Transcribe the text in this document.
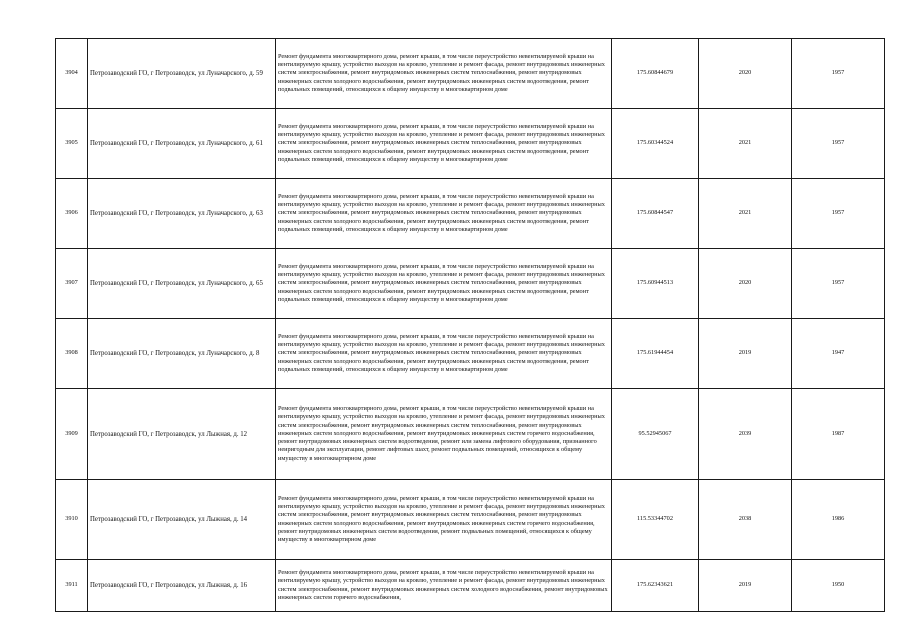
3904	Петрозаводский ГО, г Петрозаводск, ул Луначарского, д. 59	Ремонт фундамента многоквартирного дома, ремонт крыши, в том числе переустройство невентилируемой крыши на вентилируемую крышу, устройство выходов на кровлю, утепление и ремонт фасада, ремонт внутридомовых инженерных систем электроснабжения, ремонт внутридомовых инженерных систем теплоснабжения, ремонт внутридомовых инженерных систем холодного водоснабжения, ремонт внутридомовых инженерных систем водоотведения, ремонт подвальных помещений, относящихся к общему имуществу в многоквартирном доме	175.60844679	2020	1957
3905	Петрозаводский ГО, г Петрозаводск, ул Луначарского, д. 61	Ремонт фундамента многоквартирного дома, ремонт крыши, в том числе переустройство невентилируемой крыши на вентилируемую крышу, устройство выходов на кровлю, утепление и ремонт фасада, ремонт внутридомовых инженерных систем электроснабжения, ремонт внутридомовых инженерных систем теплоснабжения, ремонт внутридомовых инженерных систем холодного водоснабжения, ремонт внутридомовых инженерных систем водоотведения, ремонт подвальных помещений, относящихся к общему имуществу в многоквартирном доме	175.60344524	2021	1957
3906	Петрозаводский ГО, г Петрозаводск, ул Луначарского, д. 63	Ремонт фундамента многоквартирного дома, ремонт крыши, в том числе переустройство невентилируемой крыши на вентилируемую крышу, устройство выходов на кровлю, утепление и ремонт фасада, ремонт внутридомовых инженерных систем электроснабжения, ремонт внутридомовых инженерных систем теплоснабжения, ремонт внутридомовых инженерных систем холодного водоснабжения, ремонт внутридомовых инженерных систем водоотведения, ремонт подвальных помещений, относящихся к общему имуществу в многоквартирном доме	175.60844547	2021	1957
3907	Петрозаводский ГО, г Петрозаводск, ул Луначарского, д. 65	Ремонт фундамента многоквартирного дома, ремонт крыши, в том числе переустройство невентилируемой крыши на вентилируемую крышу, устройство выходов на кровлю, утепление и ремонт фасада, ремонт внутридомовых инженерных систем электроснабжения, ремонт внутридомовых инженерных систем теплоснабжения, ремонт внутридомовых инженерных систем холодного водоснабжения, ремонт внутридомовых инженерных систем водоотведения, ремонт подвальных помещений, относящихся к общему имуществу в многоквартирном доме	175.60944513	2020	1957
3908	Петрозаводский ГО, г Петрозаводск, ул Луначарского, д. 8	Ремонт фундамента многоквартирного дома, ремонт крыши, в том числе переустройство невентилируемой крыши на вентилируемую крышу, устройство выходов на кровлю, утепление и ремонт фасада, ремонт внутридомовых инженерных систем электроснабжения, ремонт внутридомовых инженерных систем теплоснабжения, ремонт внутридомовых инженерных систем холодного водоснабжения, ремонт внутридомовых инженерных систем водоотведения, ремонт подвальных помещений, относящихся к общему имуществу в многоквартирном доме	175.61944454	2019	1947
3909	Петрозаводский ГО, г Петрозаводск, ул Лыжная, д. 12	Ремонт фундамента многоквартирного дома, ремонт крыши, в том числе переустройство невентилируемой крыши на вентилируемую крышу, устройство выходов на кровлю, утепление и ремонт фасада, ремонт внутридомовых инженерных систем электроснабжения, ремонт внутридомовых инженерных систем теплоснабжения, ремонт внутридомовых инженерных систем холодного водоснабжения, ремонт внутридомовых инженерных систем горячего водоснабжения, ремонт внутридомовых инженерных систем водоотведения, ремонт или замена лифтового оборудования, признанного неиригодным для эксплуатации, ремонт лифтовых шахт, ремонт подвальных помещений, относящихся к общему имуществу в многоквартирном доме	95.52945067	2039	1987
3910	Петрозаводский ГО, г Петрозаводск, ул Лыжная, д. 14	Ремонт фундамента многоквартирного дома, ремонт крыши, в том числе переустройство невентилируемой крыши на вентилируемую крышу, устройство выходов на кровлю, утепление и ремонт фасада, ремонт внутридомовых инженерных систем электроснабжения, ремонт внутридомовых инженерных систем теплоснабжения, ремонт внутридомовых инженерных систем холодного водоснабжения, ремонт внутридомовых инженерных систем горячего водоснабжения, ремонт внутридомовых инженерных систем водоотведения, ремонт подвальных помещений, относящихся к общему имуществу в многоквартирном доме	115.53344702	2038	1986
3911	Петрозаводский ГО, г Петрозаводск, ул Лыжная, д. 16	Ремонт фундамента многоквартирного дома, ремонт крыши, в том числе переустройство невентилируемой крыши на вентилируемую крышу, устройство выходов на кровлю, утепление и ремонт фасада, ремонт внутридомовых инженерных систем электроснабжения, ремонт внутридомовых инженерных систем холодного водоснабжения, ремонт внутридомовых инженерных систем горячего водоснабжения,	175.62343621	2019	1950
